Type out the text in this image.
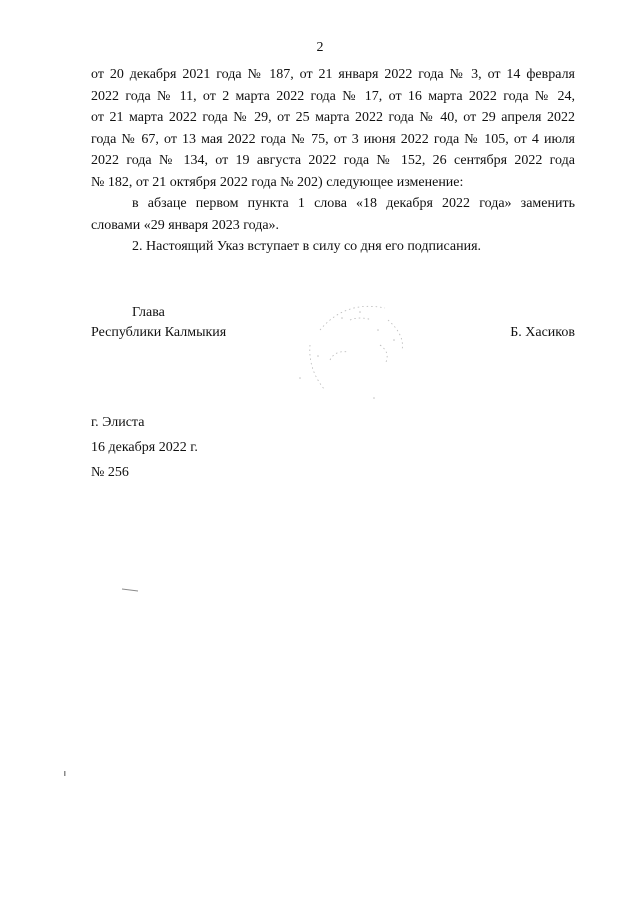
2

от 20 декабря 2021 года № 187, от 21 января 2022 года № 3, от 14 февраля

2022 года № 11, от 2 марта 2022 года № 17, от 16 марта 2022 года № 24,

от 21 марта 2022 года № 29, от 25 марта 2022 года № 40, от 29 апреля 2022

года № 67, от 13 мая 2022 года № 75, от 3 июня 2022 года № 105, от 4 июля

2022 года № 134, от 19 августа 2022 года № 152, 26 сентября 2022 года

№ 182, от 21 октября 2022 года № 202) следующее изменение:

в абзаце первом пункта 1 слова «18 декабря 2022 года» заменить

словами «29 января 2023 года».

2. Настоящий Указ вступает в силу со дня его подписания.

Глава
Республики Калмыкия	Б. Хасиков
г. Элиста
16 декабря 2022 г.
№ 256
